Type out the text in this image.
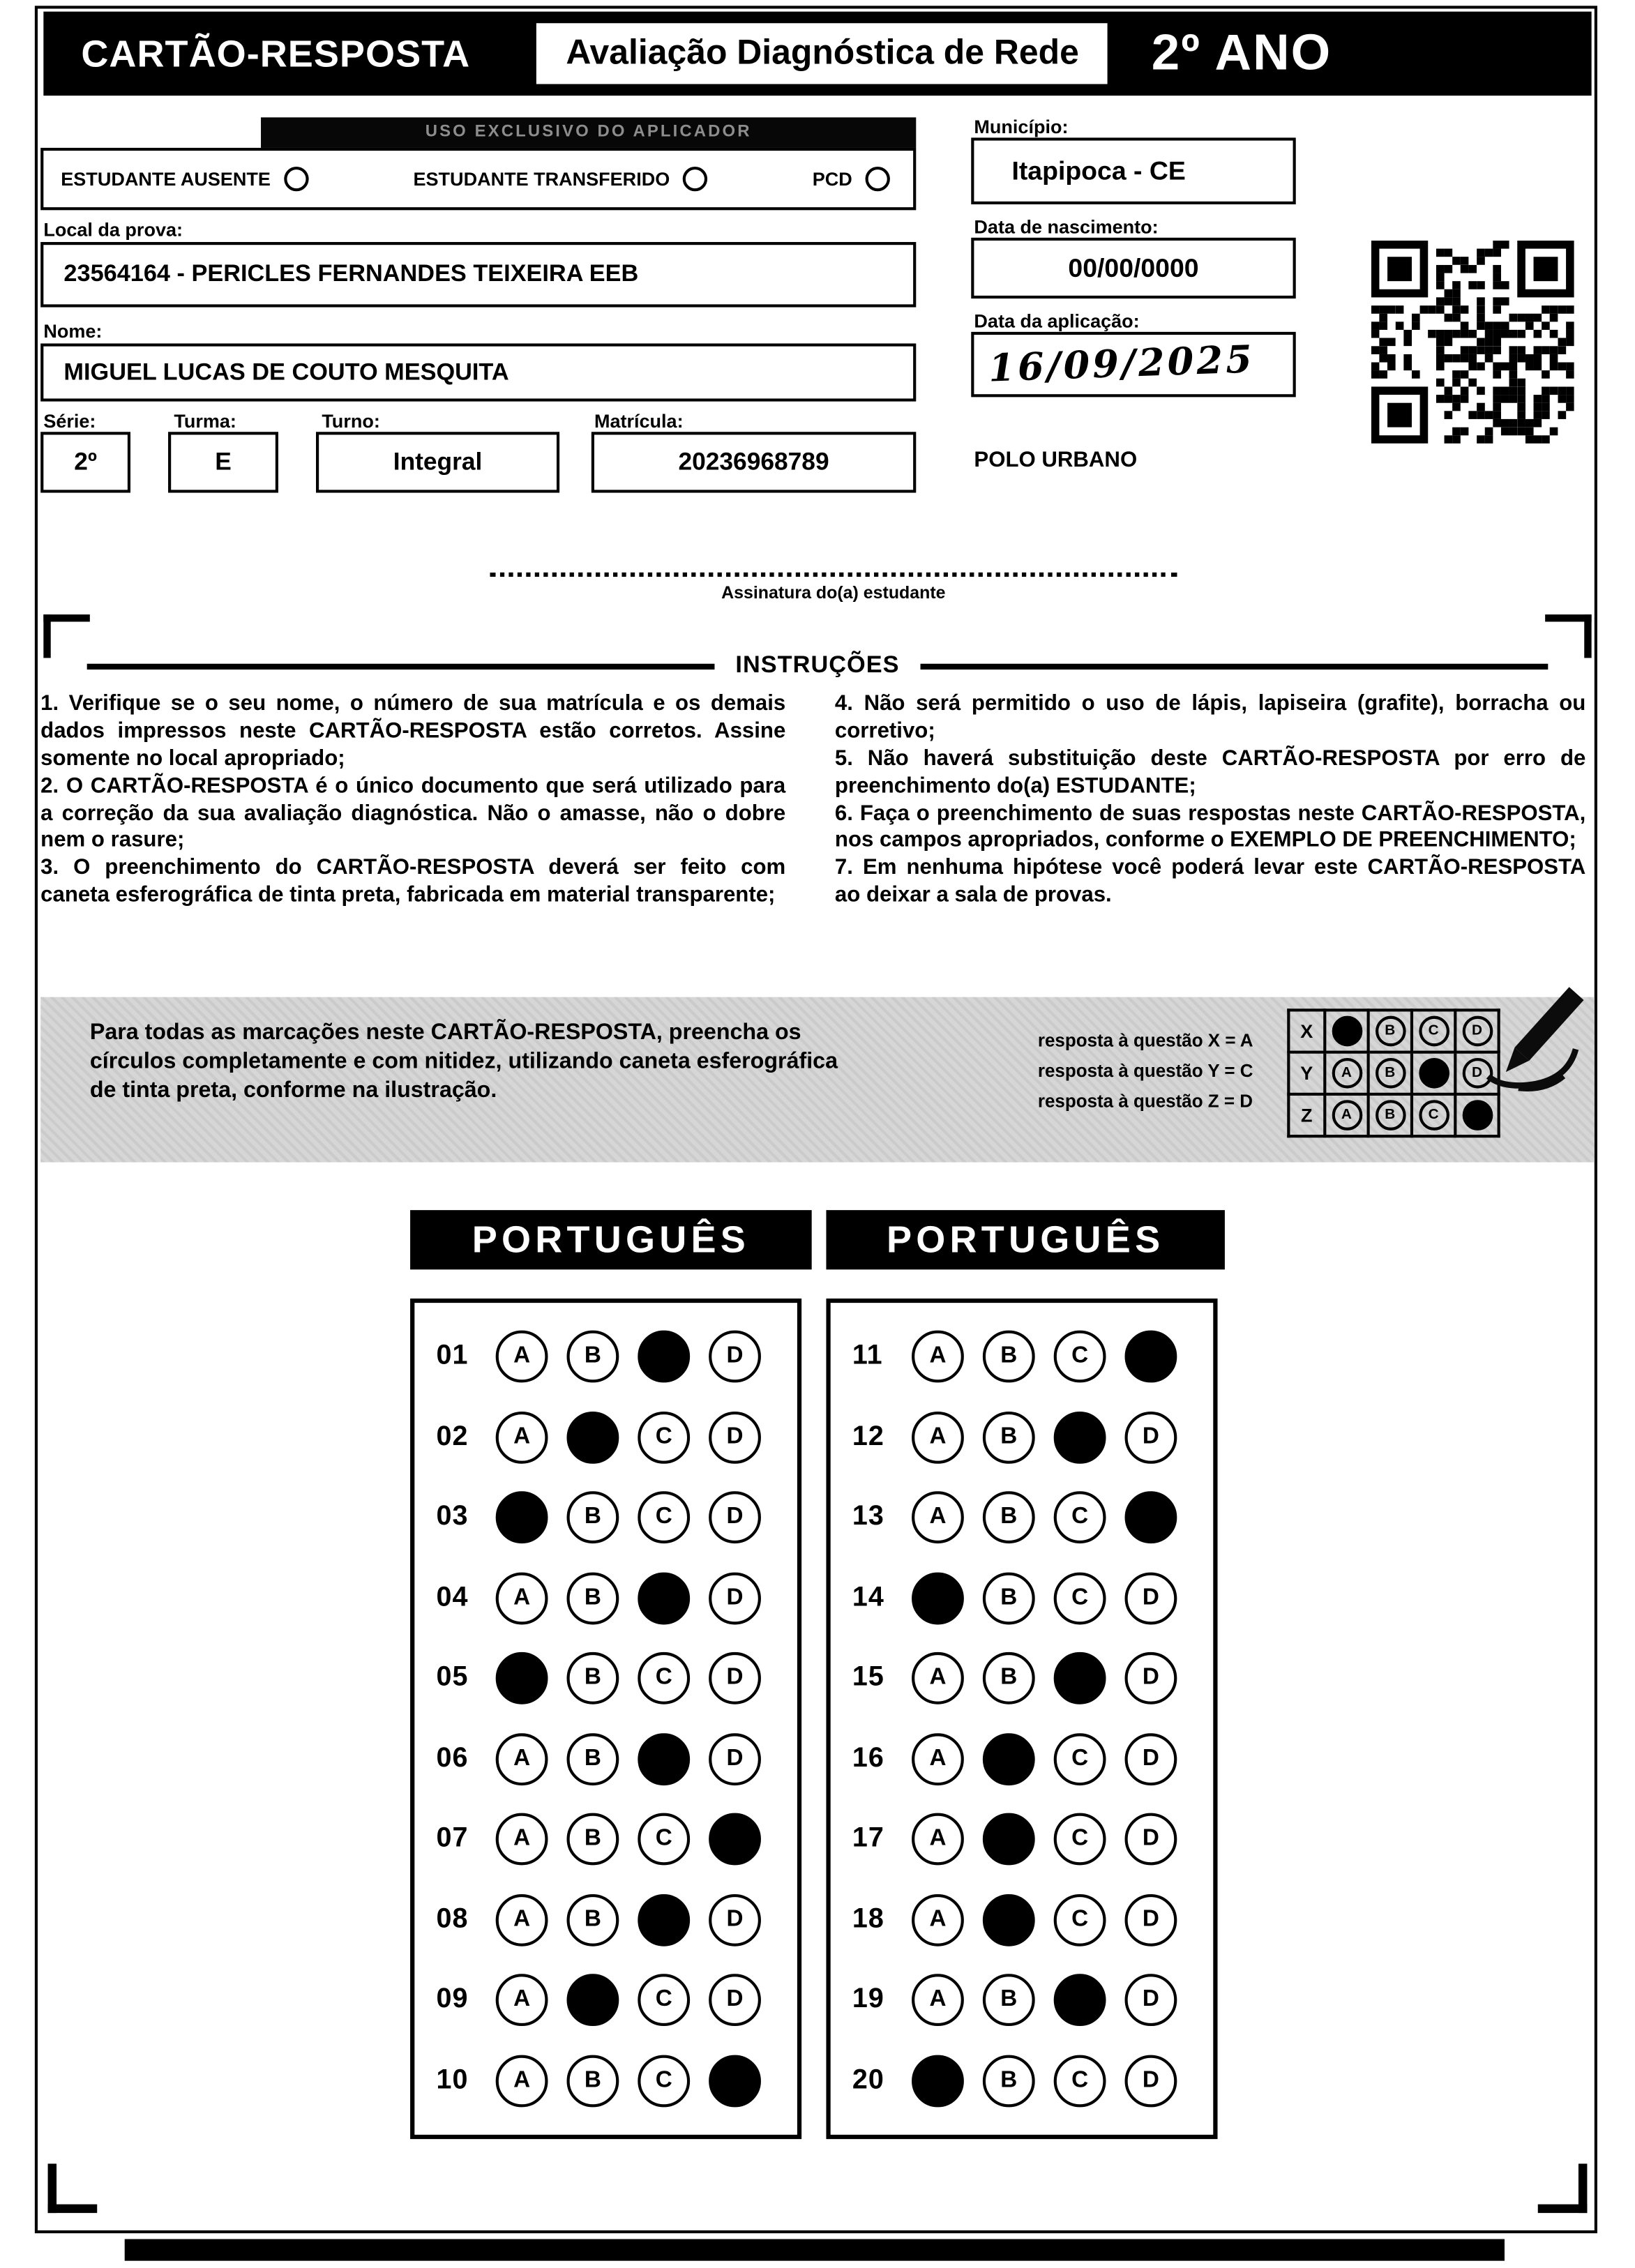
CARTÃO-RESPOSTA	Avaliação Diagnóstica de Rede	2º ANO
USO EXCLUSIVO DO APLICADOR
ESTUDANTE AUSENTE	ESTUDANTE TRANSFERIDO	PCD
Local da prova:
23564164 - PERICLES FERNANDES TEIXEIRA EEB
Nome:
MIGUEL LUCAS DE COUTO MESQUITA
Série:	Turma:	Turno:	Matrícula:
2º	E	Integral	20236968789
Município:
Itapipoca - CE
Data de nascimento:
00/00/0000
Data da aplicação:
16/09/2025
POLO URBANO
Assinatura do(a) estudante
INSTRUÇÕES

1. Verifique se o seu nome, o número de sua matrícula e os demais dados impressos neste CARTÃO-RESPOSTA estão corretos. Assine somente no local apropriado;

2. O CARTÃO-RESPOSTA é o único documento que será utilizado para a correção da sua avaliação diagnóstica. Não o amasse, não o dobre nem o rasure;

3. O preenchimento do CARTÃO-RESPOSTA deverá ser feito com caneta esferográfica de tinta preta, fabricada em material transparente;

4. Não será permitido o uso de lápis, lapiseira (grafite), borracha ou corretivo;

5. Não haverá substituição deste CARTÃO-RESPOSTA por erro de preenchimento do(a) ESTUDANTE;

6. Faça o preenchimento de suas respostas neste CARTÃO-RESPOSTA, nos campos apropriados, conforme o EXEMPLO DE PREENCHIMENTO;

7. Em nenhuma hipótese você poderá levar este CARTÃO-RESPOSTA ao deixar a sala de provas.

Para todas as marcações neste CARTÃO-RESPOSTA, preencha os círculos completamente e com nitidez, utilizando caneta esferográfica de tinta preta, conforme na ilustração.

resposta à questão X = A

resposta à questão Y = C

resposta à questão Z = D

X	A	B	C	D
Y	A	B	C	D
Z	A	B	C	D
PORTUGUÊS	PORTUGUÊS
01	A	B	C	D
02	A	B	C	D
03	A	B	C	D
04	A	B	C	D
05	A	B	C	D
06	A	B	C	D
07	A	B	C	D
08	A	B	C	D
09	A	B	C	D
10	A	B	C	D
11	A	B	C	D
12	A	B	C	D
13	A	B	C	D
14	A	B	C	D
15	A	B	C	D
16	A	B	C	D
17	A	B	C	D
18	A	B	C	D
19	A	B	C	D
20	A	B	C	D
